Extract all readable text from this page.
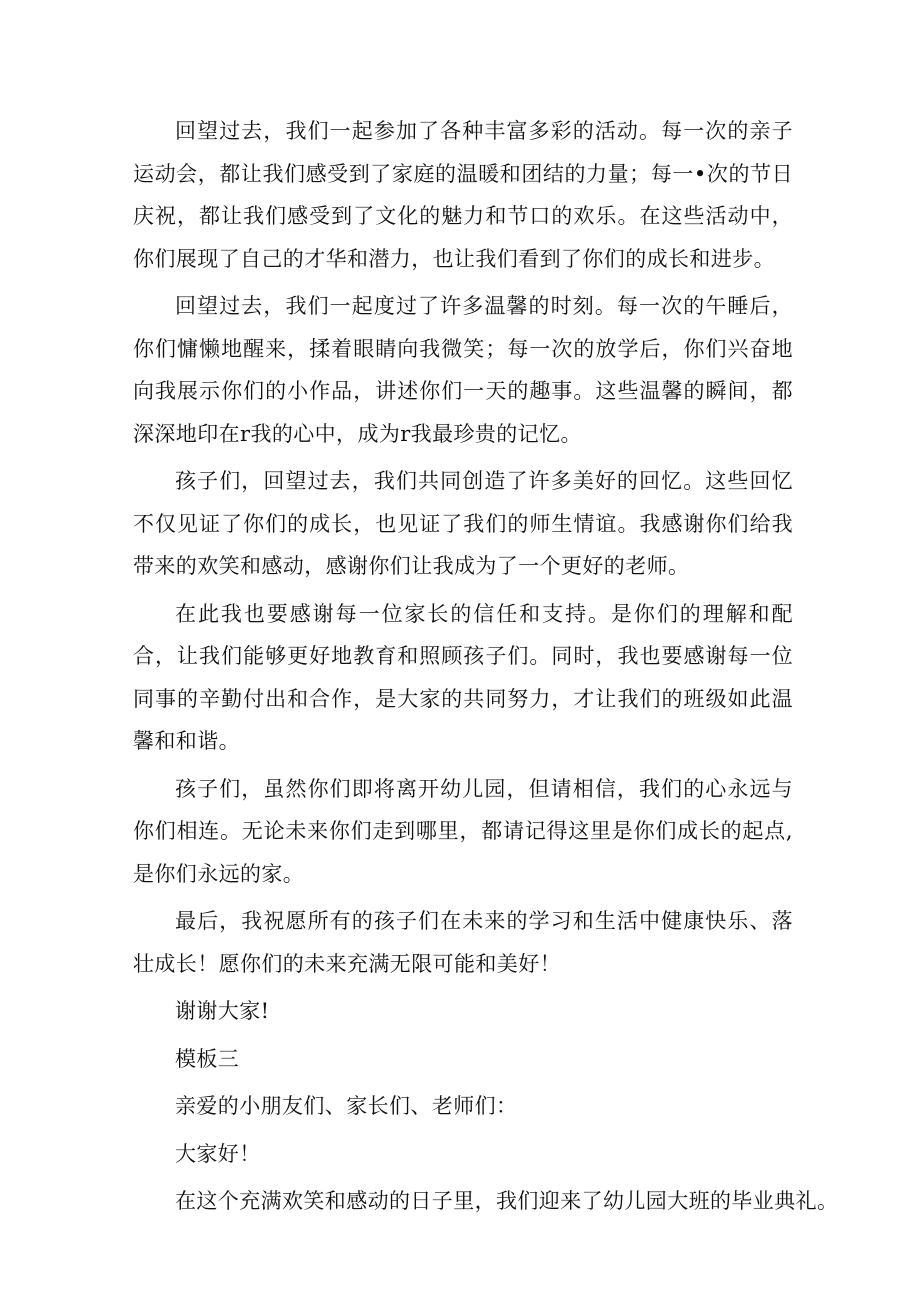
回望过去，我们一起参加了各种丰富多彩的活动。每一次的亲子运动会，都让我们感受到了家庭的温暖和团结的力量；每一•次的节日庆祝，都让我们感受到了文化的魅力和节口的欢乐。在这些活动中，你们展现了自己的才华和潜力，也让我们看到了你们的成长和进步。

回望过去，我们一起度过了许多温馨的时刻。每一次的午睡后，你们慵懒地醒来，揉着眼睛向我微笑；每一次的放学后，你们兴奋地向我展示你们的小作品，讲述你们一天的趣事。这些温馨的瞬间，都深深地印在r我的心中，成为r我最珍贵的记忆。

孩子们，回望过去，我们共同创造了许多美好的回忆。这些回忆不仅见证了你们的成长，也见证了我们的师生情谊。我感谢你们给我带来的欢笑和感动，感谢你们让我成为了一个更好的老师。

在此我也要感谢每一位家长的信任和支持。是你们的理解和配合，让我们能够更好地教育和照顾孩子们。同时，我也要感谢每一位同事的辛勤付出和合作，是大家的共同努力，才让我们的班级如此温馨和和谐。

孩子们，虽然你们即将离开幼儿园，但请相信，我们的心永远与你们相连。无论未来你们走到哪里，都请记得这里是你们成长的起点,是你们永远的家。

最后，我祝愿所有的孩子们在未来的学习和生活中健康快乐、落壮成长！愿你们的未来充满无限可能和美好！

谢谢大家!

模板三

亲爱的小朋友们、家长们、老师们：

大家好！

在这个充满欢笑和感动的日子里，我们迎来了幼儿园大班的毕业典礼。
